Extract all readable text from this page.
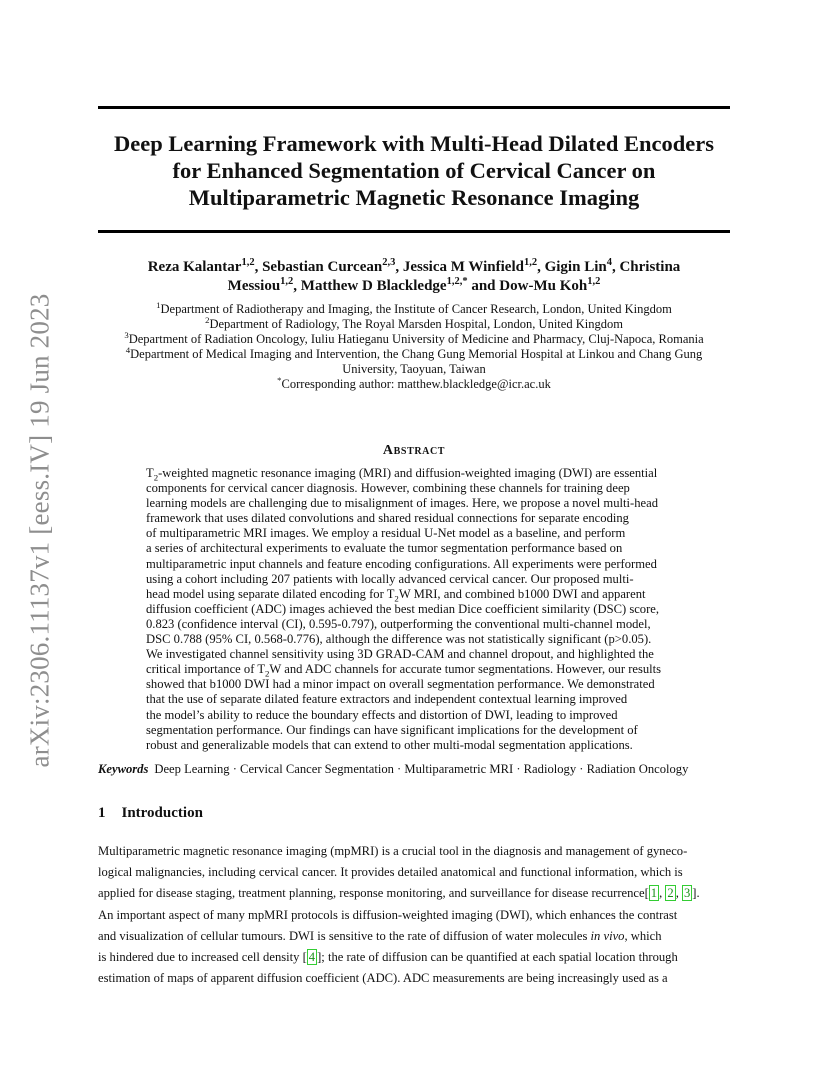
arXiv:2306.11137v1 [eess.IV] 19 Jun 2023
Deep Learning Framework with Multi-Head Dilated Encoders
for Enhanced Segmentation of Cervical Cancer on
Multiparametric Magnetic Resonance Imaging
Reza Kalantar$^{1,2}$, Sebastian Curcean$^{2,3}$, Jessica M Winfield$^{1,2}$, Gigin Lin$^4$, Christina
Messiou$^{1,2}$, Matthew D Blackledge$^{1,2,*}$ and Dow-Mu Koh$^{1,2}$
$^1$Department of Radiotherapy and Imaging, the Institute of Cancer Research, London, United Kingdom
$^2$Department of Radiology, The Royal Marsden Hospital, London, United Kingdom
$^3$Department of Radiation Oncology, Iuliu Hatieganu University of Medicine and Pharmacy, Cluj-Napoca, Romania
$^4$Department of Medical Imaging and Intervention, the Chang Gung Memorial Hospital at Linkou and Chang Gung
University, Taoyuan, Taiwan
*Corresponding author: matthew.blackledge@icr.ac.uk
Abstract
$T_2$-weighted magnetic resonance imaging (MRI) and diffusion-weighted imaging (DWI) are essential
components for cervical cancer diagnosis. However, combining these channels for training deep
learning models are challenging due to misalignment of images. Here, we propose a novel multi-head
framework that uses dilated convolutions and shared residual connections for separate encoding
of multiparametric MRI images. We employ a residual U-Net model as a baseline, and perform
a series of architectural experiments to evaluate the tumor segmentation performance based on
multiparametric input channels and feature encoding configurations. All experiments were performed
using a cohort including 207 patients with locally advanced cervical cancer. Our proposed multi-
head model using separate dilated encoding for $T_2W$ MRI, and combined b1000 DWI and apparent
diffusion coefficient (ADC) images achieved the best median Dice coefficient similarity (DSC) score,
0.823 (confidence interval (CI), 0.595-0.797), outperforming the conventional multi-channel model,
DSC 0.788 (95% CI, 0.568-0.776), although the difference was not statistically significant (p>0.05).
We investigated channel sensitivity using 3D GRAD-CAM and channel dropout, and highlighted the
critical importance of $T_2W$ and ADC channels for accurate tumor segmentations. However, our results
showed that b1000 DWI had a minor impact on overall segmentation performance. We demonstrated
that the use of separate dilated feature extractors and independent contextual learning improved
the model’s ability to reduce the boundary effects and distortion of DWI, leading to improved
segmentation performance. Our findings can have significant implications for the development of
robust and generalizable models that can extend to other multi-modal segmentation applications.
Keywords Deep Learning · Cervical Cancer Segmentation · Multiparametric MRI · Radiology · Radiation Oncology
1 Introduction
Multiparametric magnetic resonance imaging (mpMRI) is a crucial tool in the diagnosis and management of gyneco-
logical malignancies, including cervical cancer. It provides detailed anatomical and functional information, which is
applied for disease staging, treatment planning, response monitoring, and surveillance for disease recurrence[ 1 , 2 , 3 ].
An important aspect of many mpMRI protocols is diffusion-weighted imaging (DWI), which enhances the contrast
and visualization of cellular tumours. DWI is sensitive to the rate of diffusion of water molecules in vivo, which
is hindered due to increased cell density [ 4 ]; the rate of diffusion can be quantified at each spatial location through
estimation of maps of apparent diffusion coefficient (ADC). ADC measurements are being increasingly used as a
